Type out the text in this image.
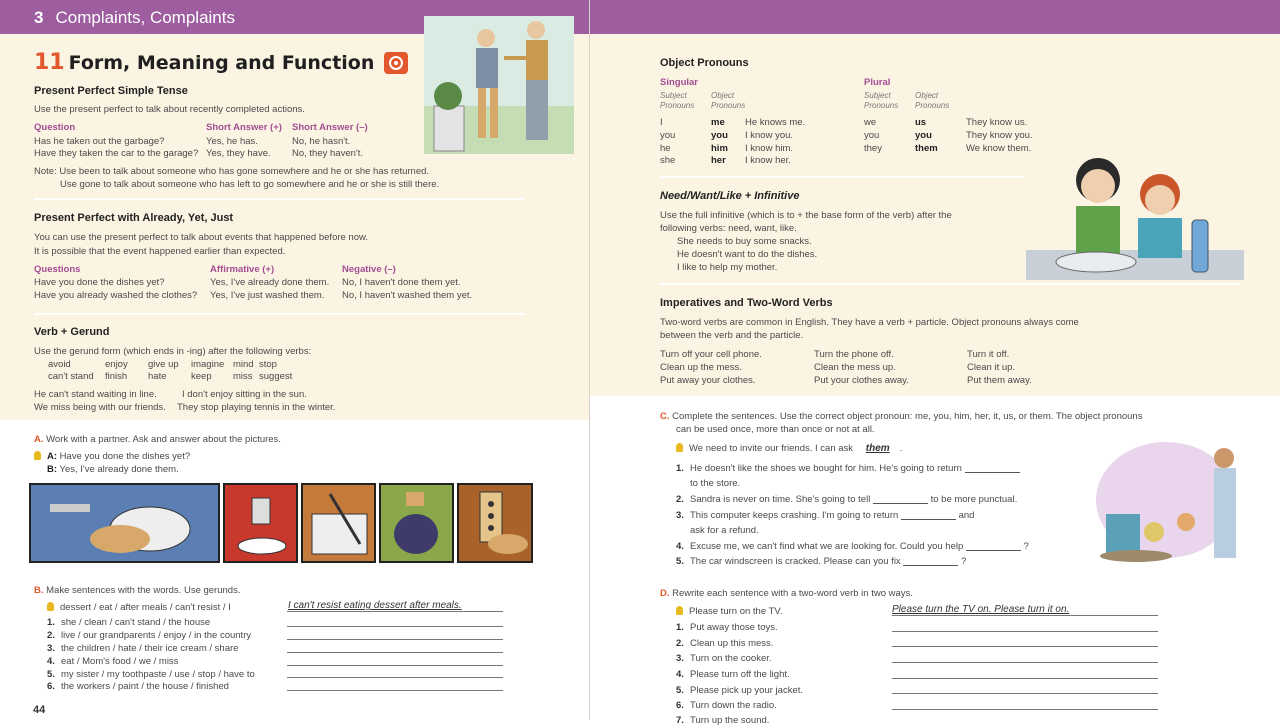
3 Complaints, Complaints
11 Form, Meaning and Function
Present Perfect Simple Tense
Use the present perfect to talk about recently completed actions.
Question	Short Answer (+) Short Answer (–)
Has he taken out the garbage?	Yes, he has.	No, he hasn't.
Have they taken the car to the garage? Yes, they have. No, they haven't.
Note: Use been to talk about someone who has gone somewhere and he or she has returned.
Use gone to talk about someone who has left to go somewhere and he or she is still there.
Present Perfect with Already, Yet, Just
You can use the present perfect to talk about events that happened before now.
It is possible that the event happened earlier than expected.
Questions	Affirmative (+)	Negative (–)
Have you done the dishes yet?	Yes, I've already done them. No, I haven't done them yet.
Have you already washed the clothes? Yes, I've just washed them. No, I haven't washed them yet.
Verb + Gerund
Use the gerund form (which ends in -ing) after the following verbs:
avoid	enjoy give up imagine mind stop
can't stand finish hate	keep miss suggest
He can't stand waiting in line.	I don't enjoy sitting in the sun.
We miss being with our friends. They stop playing tennis in the winter.
A. Work with a partner. Ask and answer about the pictures.
A: Have you done the dishes yet?
B: Yes, I've already done them.
B. Make sentences with the words. Use gerunds.
dessert / eat / after meals / can't resist / I	I can't resist eating dessert after meals.
1. she / clean / can't stand / the house
2. live / our grandparents / enjoy / in the country
3. the children / hate / their ice cream / share
4. eat / Mom's food / we / miss
5. my sister / my toothpaste / use / stop / have to
6. the workers / paint / the house / finished
44
Object Pronouns
Singular	Plural
Subject Pronouns
Object Pronouns
Subject Pronouns
Object Pronouns
I	me He knows me.
you	you I know you.
he	him I know him.
she	her I know her.
we	us	They know us.
you	you	They know you.
they	them	We know them.
Need/Want/Like + Infinitive
Use the full infinitive (which is to + the base form of the verb) after the
following verbs: need, want, like.
She needs to buy some snacks.
He doesn't want to do the dishes.
I like to help my mother.
Imperatives and Two-Word Verbs
Two-word verbs are common in English. They have a verb + particle. Object pronouns always come
between the verb and the particle.
Turn off your cell phone.	Turn the phone off.	Turn it off.
Clean up the mess.	Clean the mess up.	Clean it up.
Put away your clothes.	Put your clothes away.	Put them away.
C. Complete the sentences. Use the correct object pronoun: me, you, him, her, it, us, or them. The object pronouns
can be used once, more than once or not at all.
We need to invite our friends. I can ask them .
1. He doesn't like the shoes we bought for him. He's going to return
to the store.
2. Sandra is never on time. She's going to tell	to be more punctual.
3. This computer keeps crashing. I'm going to return	and
ask for a refund.
4. Excuse me, we can't find what we are looking for. Could you help	?
5. The car windscreen is cracked. Please can you fix	?
D. Rewrite each sentence with a two-word verb in two ways.
Please turn on the TV.	Please turn the TV on. Please turn it on.
1. Put away those toys.
2. Clean up this mess.
3. Turn on the cooker.
4. Please turn off the light.
5. Please pick up your jacket.
6. Turn down the radio.
7. Turn up the sound.
